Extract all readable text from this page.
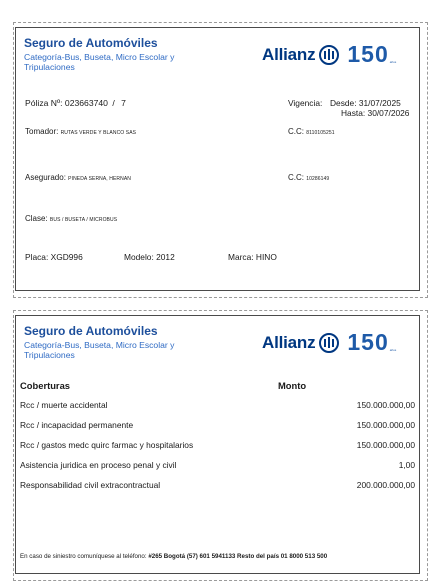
Seguro de Automóviles
Categoría-Bus, Buseta, Micro Escolar y Tripulaciones
Allianz 150 años
Póliza Nº: 023663740 / 7	Vigencia: Desde: 31/07/2025
Hasta: 30/07/2026
Tomador: RUTAS VERDE Y BLANCO SAS	C.C: 8110105251
Asegurado: PINEDA SERNA, HERNAN	C.C: 10286149
Clase: BUS / BUSETA / MICROBUS
Placa: XGD996	Modelo: 2012	Marca: HINO
Seguro de Automóviles
Categoría-Bus, Buseta, Micro Escolar y Tripulaciones
Allianz 150 años
Coberturas	Monto
Rcc / muerte accidental	150.000.000,00
Rcc / incapacidad permanente	150.000.000,00
Rcc / gastos medc quirc farmac y hospitalarios	150.000.000,00
Asistencia juridica en proceso penal y civil	1,00
Responsabilidad civil extracontractual	200.000.000,00
En caso de siniestro comuníquese al teléfono: #265 Bogotá (57) 601 5941133 Resto del país 01 8000 513 500
